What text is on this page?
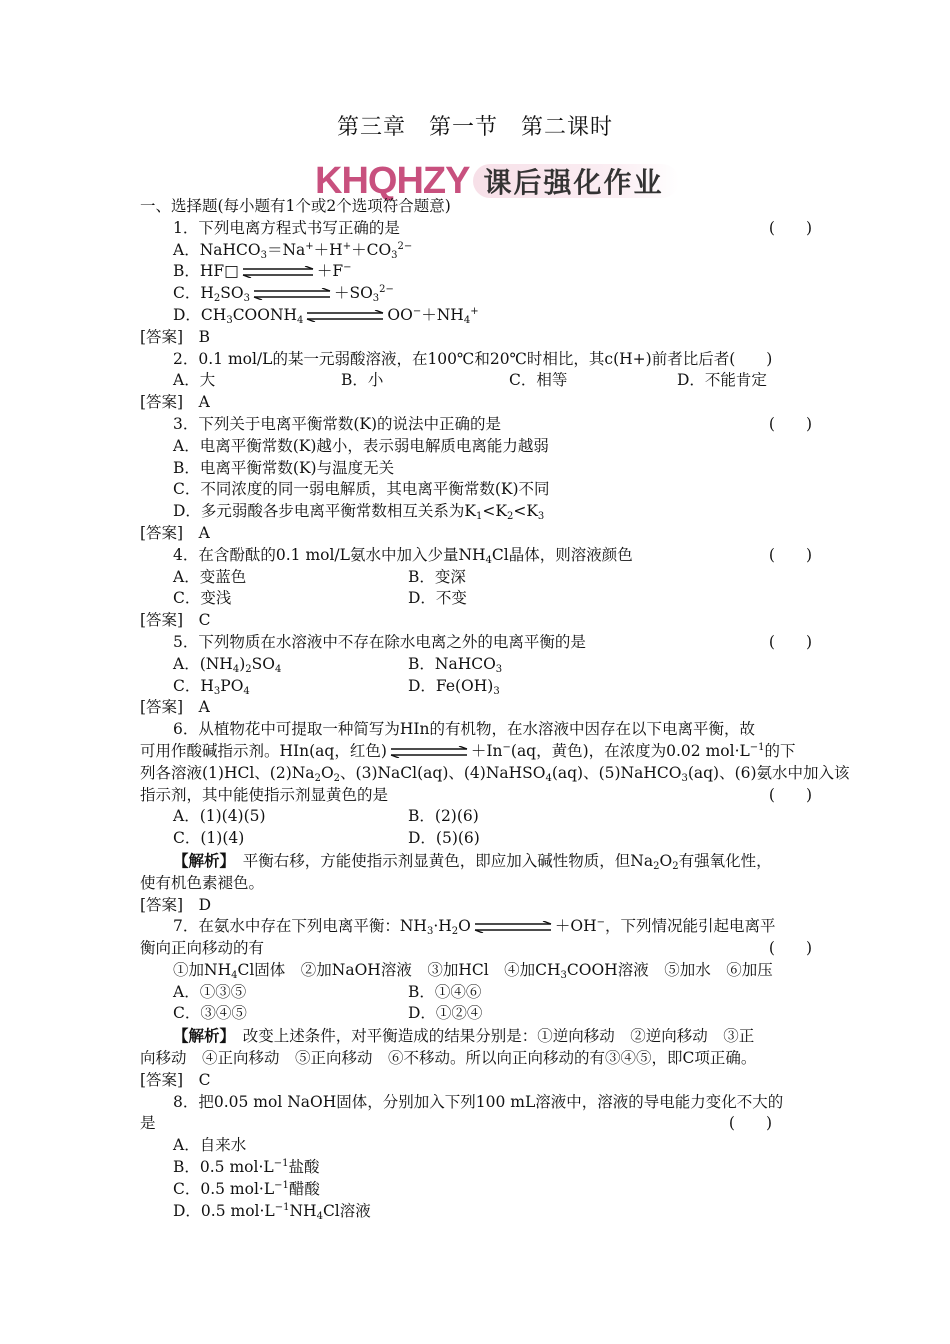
第三章　第一节　第二课时
KHQHZY 课后强化作业
一、选择题(每小题有1个或2个选项符合题意)
1．下列电离方程式书写正确的是	(　　)
A．$NaHCO_3=Na^++H^++CO_3^{2-}$
B．HF□	＋F−
C．$H_2SO_3$	$+SO_3^{2-}$
D．$CH_3COONH_4$	$OO^-+NH_4^+$
[答案]　 B
2．0.1 mol/L的某一元弱酸溶液，在100℃和20℃时相比，其c(H+)前者比后者(　　)
A．大	B．小	C．相等	D．不能肯定
[答案]　 A
3．下列关于电离平衡常数(K)的说法中正确的是	(　　)
A．电离平衡常数(K)越小，表示弱电解质电离能力越弱
B．电离平衡常数(K)与温度无关
C．不同浓度的同一弱电解质，其电离平衡常数(K)不同
D．多元弱酸各步电离平衡常数相互关系为$K_1<K_2<K_3$
[答案]　 A
4．在含酚酞的0.1 mol/L氨水中加入少量$NH_4Cl$晶体，则溶液颜色	(　　)
A．变蓝色	B．变深
C．变浅	D．不变
[答案]　 C
5．下列物质在水溶液中不存在除水电离之外的电离平衡的是	(　　)
A．$(NH_4)_2SO_4$	B．NaHCO$_3$
C．$H_3PO_4$	D．$Fe(OH)_3$
[答案]　 A
6．从植物花中可提取一种简写为HIn的有机物，在水溶液中因存在以下电离平衡，故
可用作酸碱指示剂。HIn(aq，红色)	＋In−(aq，黄色)，在浓度为0.02 $mol\cdot L^{-1}$的下
列各溶液(1)HCl、$(2)Na_2O_2$、(3)NaCl(aq)、(4)NaHSO$_4$(aq)、(5)NaHCO$_3$(aq)、(6)氨水中加入该
指示剂，其中能使指示剂显黄色的是	(　　)
A．(1)(4)(5)	B．(2)(6)
C．(1)(4)	D．(5)(6)
【解析】　 平衡右移，方能使指示剂显黄色，即应加入碱性物质，但$Na_2O_2$有强氧化性，
使有机色素褪色。
[答案]　 D
7．在氨水中存在下列电离平衡：$NH_3\cdot H_2O$	＋OH−，下列情况能引起电离平
衡向正向移动的有	(　　)
①加$NH_4Cl$固体　②加NaOH溶液　③加HCl　④加$CH_3COOH$溶液　⑤加水　⑥加压
A．①③⑤	B．①④⑥
C．③④⑤	D．①②④
【解析】　 改变上述条件，对平衡造成的结果分别是：①逆向移动　②逆向移动　③正
向移动　④正向移动　⑤正向移动　⑥不移动。所以向正向移动的有③④⑤，即C项正确。
[答案]　 C
8．把0.05 mol NaOH固体，分别加入下列100 mL溶液中，溶液的导电能力变化不大的
是	(　　)
A．自来水
B．0.5 $mol\cdot L^{-1}$盐酸
C．0.5 $mol\cdot L^{-1}$醋酸
D．0.5 $mol\cdot L^{-1}NH_4Cl$溶液
